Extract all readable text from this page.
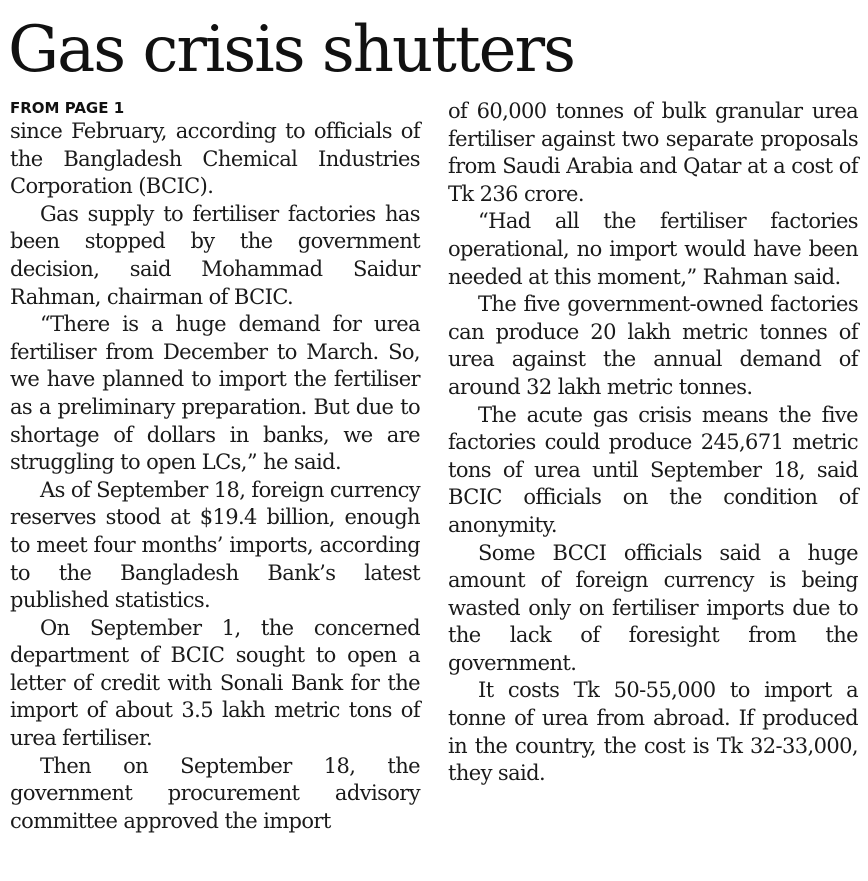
Gas crisis shutters
FROM PAGE 1

since February, according to officials of the Bangladesh Chemical Industries Corporation (BCIC).

Gas supply to fertiliser factories has been stopped by the government decision, said Mohammad Saidur Rahman, chairman of BCIC.

“There is a huge demand for urea fertiliser from December to March. So, we have planned to import the fertiliser as a preliminary preparation. But due to shortage of dollars in banks, we are struggling to open LCs,” he said.

As of September 18, foreign currency reserves stood at $19.4 billion, enough to meet four months’ imports, according to the Bangladesh Bank’s latest published statistics.

On September 1, the concerned department of BCIC sought to open a letter of credit with Sonali Bank for the import of about 3.5 lakh metric tons of urea fertiliser.

Then on September 18, the government procurement advisory committee approved the import

of 60,000 tonnes of bulk granular urea fertiliser against two separate proposals from Saudi Arabia and Qatar at a cost of Tk 236 crore.

“Had all the fertiliser factories operational, no import would have been needed at this moment,” Rahman said.

The five government-owned factories can produce 20 lakh metric tonnes of urea against the annual demand of around 32 lakh metric tonnes.

The acute gas crisis means the five factories could produce 245,671 metric tons of urea until September 18, said BCIC officials on the condition of anonymity.

Some BCCI officials said a huge amount of foreign currency is being wasted only on fertiliser imports due to the lack of foresight from the government.

It costs Tk 50-55,000 to import a tonne of urea from abroad. If produced in the country, the cost is Tk 32-33,000, they said.
